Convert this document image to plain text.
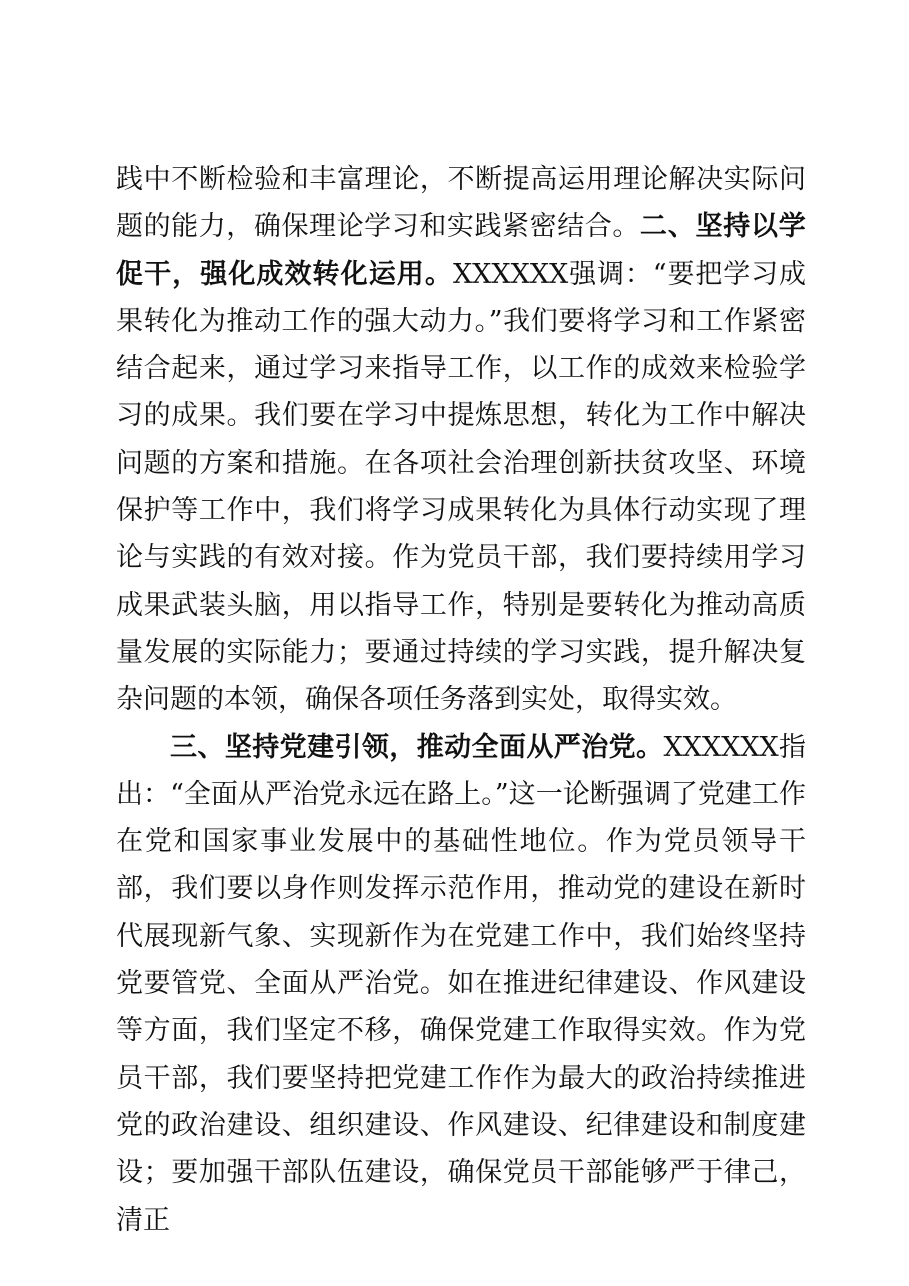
践中不断检验和丰富理论，不断提高运用理论解决实际问题的能力，确保理论学习和实践紧密结合。二、坚持以学促干，强化成效转化运用。XXXXXX强调：“要把学习成果转化为推动工作的强大动力。”我们要将学习和工作紧密结合起来，通过学习来指导工作，以工作的成效来检验学习的成果。我们要在学习中提炼思想，转化为工作中解决问题的方案和措施。在各项社会治理创新扶贫攻坚、环境保护等工作中，我们将学习成果转化为具体行动实现了理论与实践的有效对接。作为党员干部，我们要持续用学习成果武装头脑，用以指导工作，特别是要转化为推动高质量发展的实际能力；要通过持续的学习实践，提升解决复杂问题的本领，确保各项任务落到实处，取得实效。

三、坚持党建引领，推动全面从严治党。XXXXXX指出：“全面从严治党永远在路上。”这一论断强调了党建工作在党和国家事业发展中的基础性地位。作为党员领导干部，我们要以身作则发挥示范作用，推动党的建设在新时代展现新气象、实现新作为在党建工作中，我们始终坚持党要管党、全面从严治党。如在推进纪律建设、作风建设等方面，我们坚定不移，确保党建工作取得实效。作为党员干部，我们要坚持把党建工作作为最大的政治持续推进党的政治建设、组织建设、作风建设、纪律建设和制度建设；要加强干部队伍建设，确保党员干部能够严于律己，清正
